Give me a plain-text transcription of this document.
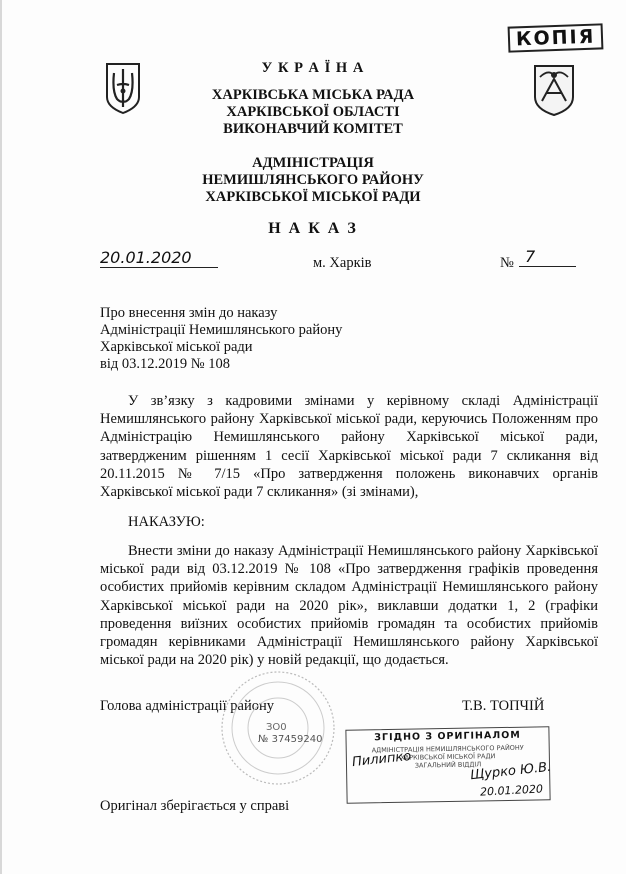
КОПІЯ
У К Р А Ї Н А
ХАРКІВСЬКА МІСЬКА РАДА
ХАРКІВСЬКОЇ ОБЛАСТІ
ВИКОНАВЧИЙ КОМІТЕТ
АДМІНІСТРАЦІЯ
НЕМИШЛЯНСЬКОГО РАЙОНУ
ХАРКІВСЬКОЇ МІСЬКОЇ РАДИ
Н А К А З
20.01.2020	м. Харків	№ 7
Про внесення змін до наказу
Адміністрації Немишлянського району
Харківської міської ради
від 03.12.2019 № 108
У зв’язку з кадровими змінами у керівному складі Адміністрації Немишлянського району Харківської міської ради, керуючись Положенням про Адміністрацію Немишлянського району Харківської міської ради, затвердженим рішенням 1 сесії Харківської міської ради 7 скликання від 20.11.2015 № 7/15 «Про затвердження положень виконавчих органів Харківської міської ради 7 скликання» (зі змінами),
НАКАЗУЮ:
Внести зміни до наказу Адміністрації Немишлянського району Харківської міської ради від 03.12.2019 № 108 «Про затвердження графіків проведення особистих прийомів керівним складом Адміністрації Немишлянського району Харківської міської ради на 2020 рік», виклавши додатки 1, 2 (графіки проведення виїзних особистих прийомів громадян та особистих прийомів громадян керівниками Адміністрації Немишлянського району Харківської міської ради на 2020 рік) у новій редакції, що додається.
Голова адміністрації району	Т.В. ТОПЧІЙ
ЗО0
№ 37459240	ЗГІДНО З ОРИГІНАЛОМ
АДМІНІСТРАЦІЯ НЕМИШЛЯНСЬКОГО РАЙОНУ
ХАРКІВСЬКОЇ МІСЬКОЇ РАДИ
ЗАГАЛЬНИЙ ВІДДІЛ
Пилипко
Щурко Ю.В.
20.01.2020
Оригінал зберігається у справі
